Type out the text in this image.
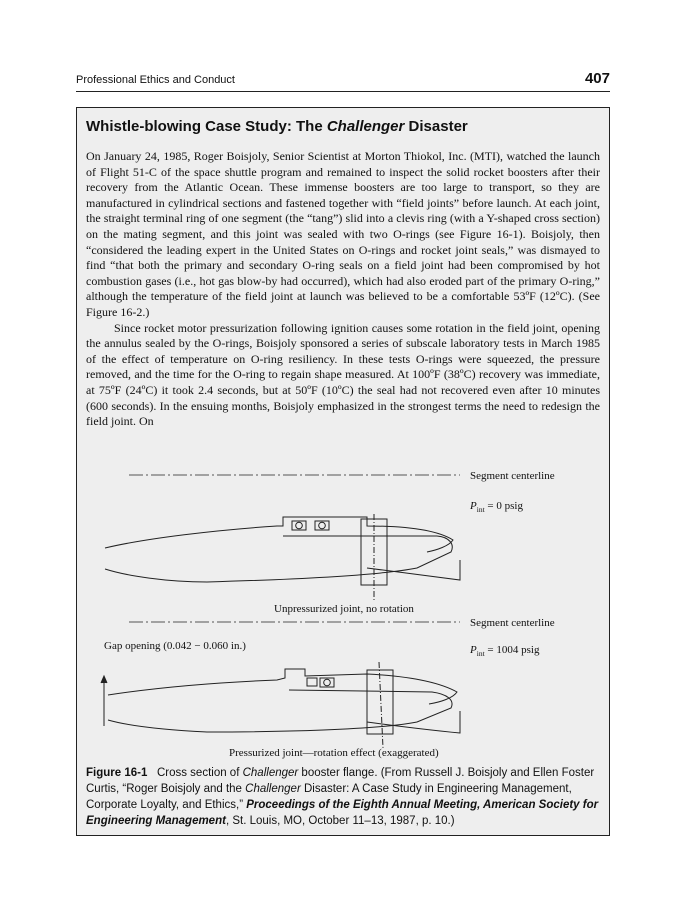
Professional Ethics and Conduct	407
Whistle-blowing Case Study: The Challenger Disaster

On January 24, 1985, Roger Boisjoly, Senior Scientist at Morton Thiokol, Inc. (MTI), watched the launch of Flight 51-C of the space shuttle program and remained to inspect the solid rocket boosters after their recovery from the Atlantic Ocean. These immense boosters are too large to transport, so they are manufactured in cylindrical sections and fastened together with “field joints” before launch. At each joint, the straight terminal ring of one segment (the “tang”) slid into a clevis ring (with a Y-shaped cross section) on the mating segment, and this joint was sealed with two O-rings (see Figure 16-1). Boisjoly, then “considered the leading expert in the United States on O-rings and rocket joint seals,” was dismayed to find “that both the primary and secondary O-ring seals on a field joint had been compromised by hot combustion gases (i.e., hot gas blow-by had occurred), which had also eroded part of the primary O-ring,” although the temperature of the field joint at launch was believed to be a comfortable 53ºF (12ºC). (See Figure 16-2.)

Since rocket motor pressurization following ignition causes some rotation in the field joint, opening the annulus sealed by the O-rings, Boisjoly sponsored a series of subscale laboratory tests in March 1985 of the effect of temperature on O-ring resiliency. In these tests O-rings were squeezed, the pressure removed, and the time for the O-ring to regain shape measured. At 100ºF (38ºC) recovery was immediate, at 75ºF (24ºC) it took 2.4 seconds, but at 50ºF (10ºC) the seal had not recovered even after 10 minutes (600 seconds). In the ensuing months, Boisjoly emphasized in the strongest terms the need to redesign the field joint. On

Segment centerline
$P_{int} = 0$ psig
Unpressurized joint, no rotation
Segment centerline
Gap opening (0.042 − 0.060 in.)	$P_{int} = 1004$ psig
Pressurized joint—rotation effect (exaggerated)
Figure 16-1 Cross section of Challenger booster flange. (From Russell J. Boisjoly and Ellen Foster Curtis, “Roger Boisjoly and the Challenger Disaster: A Case Study in Engineering Management, Corporate Loyalty, and Ethics,” Proceedings of the Eighth Annual Meeting, American Society for Engineering Management, St. Louis, MO, October 11–13, 1987, p. 10.)
